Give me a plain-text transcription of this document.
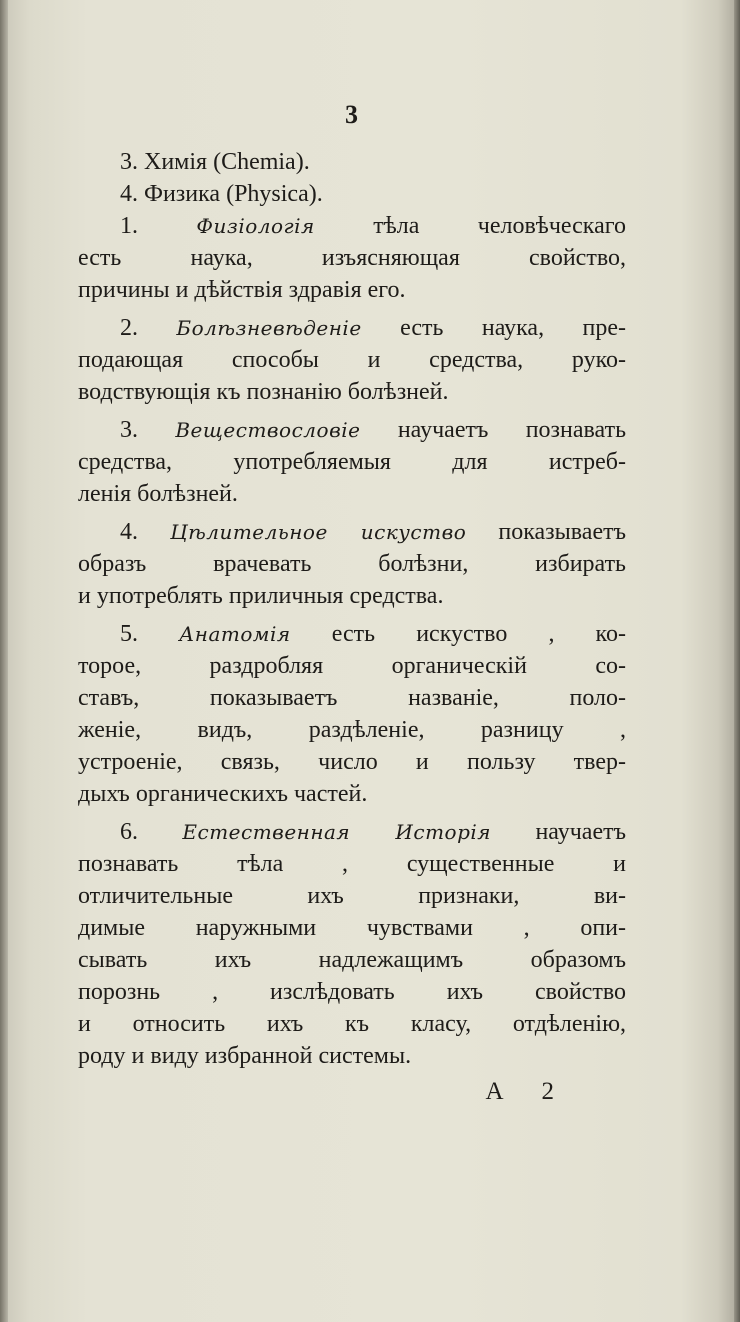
3
3. Химія (Chemia).
4. Физика (Physica).
1.	Физіологія тѣла человѣческаго
есть наука, изъясняющая свойство,
причины и дѣйствія здравія его.
2. Болѣзневѣденіе есть наука, пре-
подающая способы и средства, руко-
водствующія къ познанію болѣзней.
3. Веществословіе научаетъ познавать
средства, употребляемыя для истреб-
ленія болѣзней.
4. Цѣлительное искуство показываетъ
образъ врачевать болѣзни, избирать
и употреблять приличныя средства.
5. Анатомія есть искуство , ко-
торое, раздробляя органическій со-
ставъ, показываетъ названіе, поло-
женіе, видъ, раздѣленіе, разницу ,
устроеніе, связь, число и пользу твер-
дыхъ органическихъ частей.
6. Естественная Исторія научаетъ
познавать тѣла , существенные и
отличительные ихъ признаки, ви-
димые наружными чувствами , опи-
сывать ихъ надлежащимъ образомъ
порознь , изслѣдовать ихъ свойство
и относить ихъ къ класу, отдѣленію,
роду и виду избранной системы.
А 2
